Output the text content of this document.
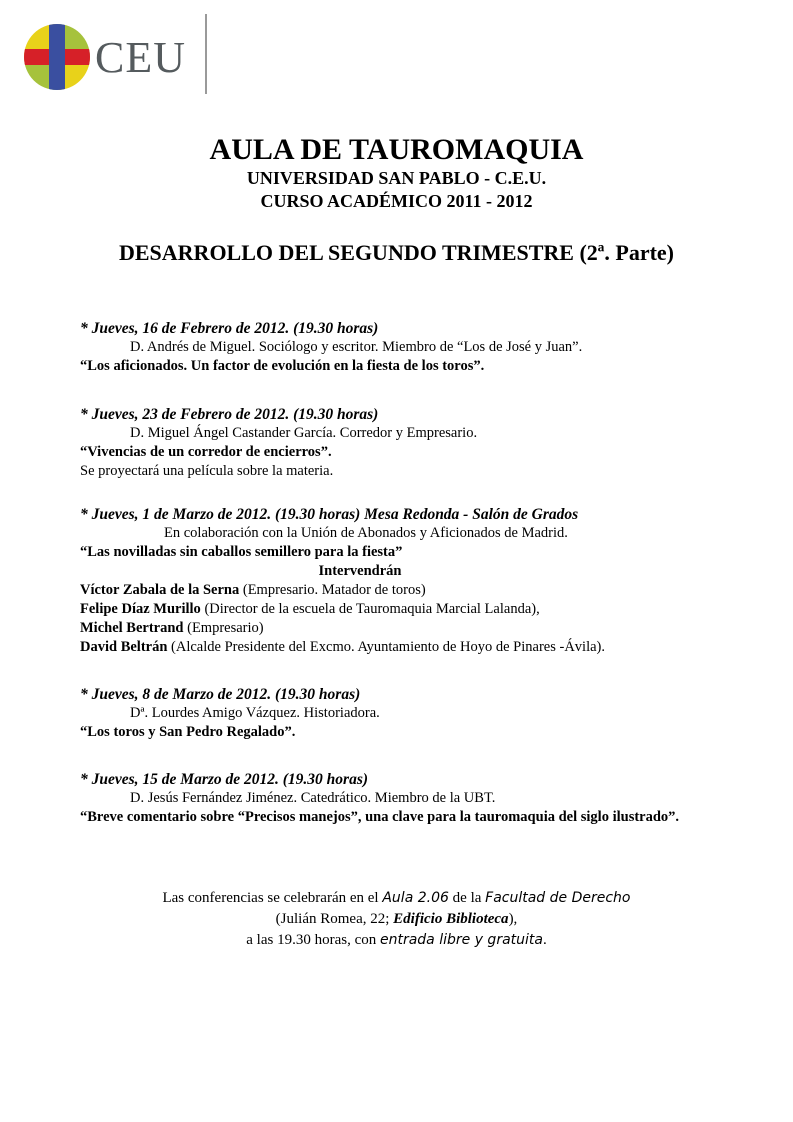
CEU
AULA DE TAUROMAQUIA
UNIVERSIDAD SAN PABLO - C.E.U.
CURSO ACADÉMICO 2011 - 2012
DESARROLLO DEL SEGUNDO TRIMESTRE (2ª. Parte)
* Jueves, 16 de Febrero de 2012. (19.30 horas)
D. Andrés de Miguel. Sociólogo y escritor. Miembro de “Los de José y Juan”.
“Los aficionados. Un factor de evolución en la fiesta de los toros”.
* Jueves, 23 de Febrero de 2012. (19.30 horas)
D. Miguel Ángel Castander García. Corredor y Empresario.
“Vivencias de un corredor de encierros”.
Se proyectará una película sobre la materia.
* Jueves, 1 de Marzo de 2012. (19.30 horas) Mesa Redonda - Salón de Grados
En colaboración con la Unión de Abonados y Aficionados de Madrid.
“Las novilladas sin caballos semillero para la fiesta”
Intervendrán
Víctor Zabala de la Serna (Empresario. Matador de toros)
Felipe Díaz Murillo (Director de la escuela de Tauromaquia Marcial Lalanda),
Michel Bertrand (Empresario)
David Beltrán (Alcalde Presidente del Excmo. Ayuntamiento de Hoyo de Pinares -Ávila).
* Jueves, 8 de Marzo de 2012. (19.30 horas)
Dª. Lourdes Amigo Vázquez. Historiadora.
“Los toros y San Pedro Regalado”.
* Jueves, 15 de Marzo de 2012. (19.30 horas)
D. Jesús Fernández Jiménez. Catedrático. Miembro de la UBT.
“Breve comentario sobre “Precisos manejos”, una clave para la tauromaquia del siglo ilustrado”.
Las conferencias se celebrarán en el Aula 2.06 de la Facultad de Derecho
(Julián Romea, 22; Edificio Biblioteca),
a las 19.30 horas, con entrada libre y gratuita.
